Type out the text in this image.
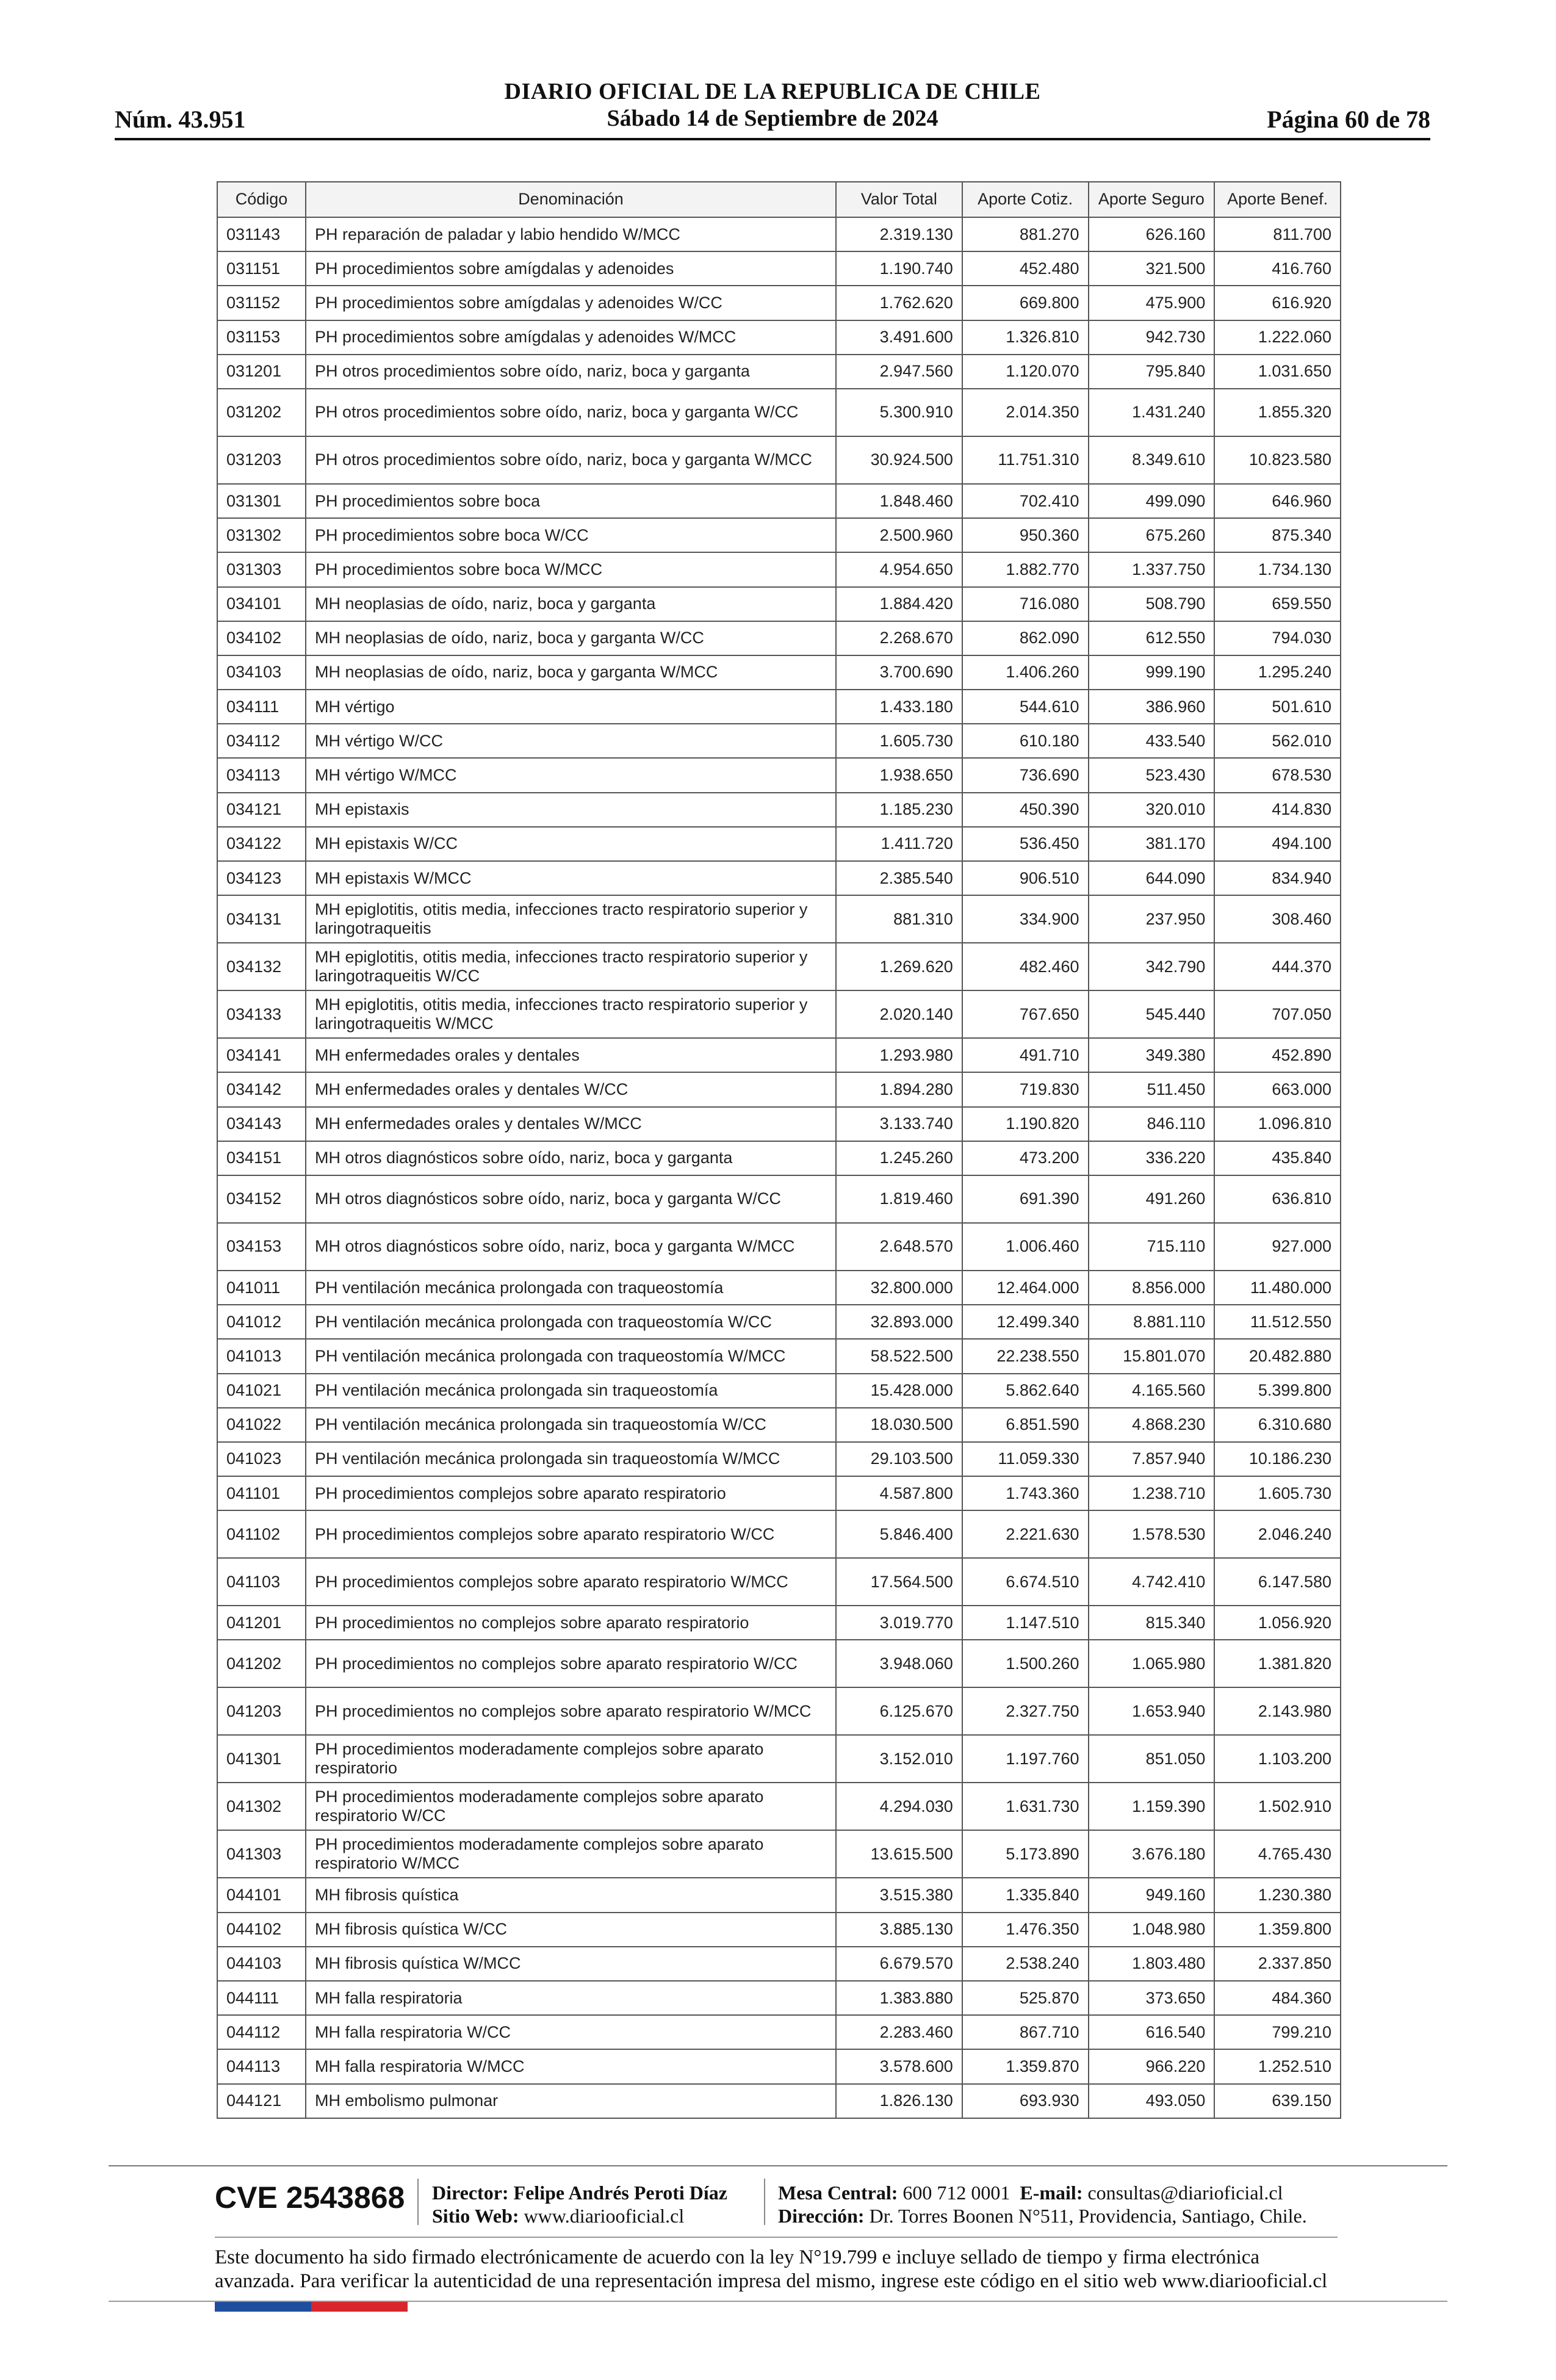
DIARIO OFICIAL DE LA REPUBLICA DE CHILE
Núm. 43.951	Sábado 14 de Septiembre de 2024	Página 60 de 78
Código	Denominación	Valor Total	Aporte Cotiz.	Aporte Seguro	Aporte Benef.
031143	PH reparación de paladar y labio hendido W/MCC	2.319.130	881.270	626.160	811.700
031151	PH procedimientos sobre amígdalas y adenoides	1.190.740	452.480	321.500	416.760
031152	PH procedimientos sobre amígdalas y adenoides W/CC	1.762.620	669.800	475.900	616.920
031153	PH procedimientos sobre amígdalas y adenoides W/MCC	3.491.600	1.326.810	942.730	1.222.060
031201	PH otros procedimientos sobre oído, nariz, boca y garganta	2.947.560	1.120.070	795.840	1.031.650
031202	PH otros procedimientos sobre oído, nariz, boca y garganta W/CC	5.300.910	2.014.350	1.431.240	1.855.320
031203	PH otros procedimientos sobre oído, nariz, boca y garganta W/MCC	30.924.500	11.751.310	8.349.610	10.823.580
031301	PH procedimientos sobre boca	1.848.460	702.410	499.090	646.960
031302	PH procedimientos sobre boca W/CC	2.500.960	950.360	675.260	875.340
031303	PH procedimientos sobre boca W/MCC	4.954.650	1.882.770	1.337.750	1.734.130
034101	MH neoplasias de oído, nariz, boca y garganta	1.884.420	716.080	508.790	659.550
034102	MH neoplasias de oído, nariz, boca y garganta W/CC	2.268.670	862.090	612.550	794.030
034103	MH neoplasias de oído, nariz, boca y garganta W/MCC	3.700.690	1.406.260	999.190	1.295.240
034111	MH vértigo	1.433.180	544.610	386.960	501.610
034112	MH vértigo W/CC	1.605.730	610.180	433.540	562.010
034113	MH vértigo W/MCC	1.938.650	736.690	523.430	678.530
034121	MH epistaxis	1.185.230	450.390	320.010	414.830
034122	MH epistaxis W/CC	1.411.720	536.450	381.170	494.100
034123	MH epistaxis W/MCC	2.385.540	906.510	644.090	834.940
034131	MH epiglotitis, otitis media, infecciones tracto respiratorio superior y laringotraqueitis	881.310	334.900	237.950	308.460
034132	MH epiglotitis, otitis media, infecciones tracto respiratorio superior y laringotraqueitis W/CC	1.269.620	482.460	342.790	444.370
034133	MH epiglotitis, otitis media, infecciones tracto respiratorio superior y laringotraqueitis W/MCC	2.020.140	767.650	545.440	707.050
034141	MH enfermedades orales y dentales	1.293.980	491.710	349.380	452.890
034142	MH enfermedades orales y dentales W/CC	1.894.280	719.830	511.450	663.000
034143	MH enfermedades orales y dentales W/MCC	3.133.740	1.190.820	846.110	1.096.810
034151	MH otros diagnósticos sobre oído, nariz, boca y garganta	1.245.260	473.200	336.220	435.840
034152	MH otros diagnósticos sobre oído, nariz, boca y garganta W/CC	1.819.460	691.390	491.260	636.810
034153	MH otros diagnósticos sobre oído, nariz, boca y garganta W/MCC	2.648.570	1.006.460	715.110	927.000
041011	PH ventilación mecánica prolongada con traqueostomía	32.800.000	12.464.000	8.856.000	11.480.000
041012	PH ventilación mecánica prolongada con traqueostomía W/CC	32.893.000	12.499.340	8.881.110	11.512.550
041013	PH ventilación mecánica prolongada con traqueostomía W/MCC	58.522.500	22.238.550	15.801.070	20.482.880
041021	PH ventilación mecánica prolongada sin traqueostomía	15.428.000	5.862.640	4.165.560	5.399.800
041022	PH ventilación mecánica prolongada sin traqueostomía W/CC	18.030.500	6.851.590	4.868.230	6.310.680
041023	PH ventilación mecánica prolongada sin traqueostomía W/MCC	29.103.500	11.059.330	7.857.940	10.186.230
041101	PH procedimientos complejos sobre aparato respiratorio	4.587.800	1.743.360	1.238.710	1.605.730
041102	PH procedimientos complejos sobre aparato respiratorio W/CC	5.846.400	2.221.630	1.578.530	2.046.240
041103	PH procedimientos complejos sobre aparato respiratorio W/MCC	17.564.500	6.674.510	4.742.410	6.147.580
041201	PH procedimientos no complejos sobre aparato respiratorio	3.019.770	1.147.510	815.340	1.056.920
041202	PH procedimientos no complejos sobre aparato respiratorio W/CC	3.948.060	1.500.260	1.065.980	1.381.820
041203	PH procedimientos no complejos sobre aparato respiratorio W/MCC	6.125.670	2.327.750	1.653.940	2.143.980
041301	PH procedimientos moderadamente complejos sobre aparato respiratorio	3.152.010	1.197.760	851.050	1.103.200
041302	PH procedimientos moderadamente complejos sobre aparato respiratorio W/CC	4.294.030	1.631.730	1.159.390	1.502.910
041303	PH procedimientos moderadamente complejos sobre aparato respiratorio W/MCC	13.615.500	5.173.890	3.676.180	4.765.430
044101	MH fibrosis quística	3.515.380	1.335.840	949.160	1.230.380
044102	MH fibrosis quística W/CC	3.885.130	1.476.350	1.048.980	1.359.800
044103	MH fibrosis quística W/MCC	6.679.570	2.538.240	1.803.480	2.337.850
044111	MH falla respiratoria	1.383.880	525.870	373.650	484.360
044112	MH falla respiratoria W/CC	2.283.460	867.710	616.540	799.210
044113	MH falla respiratoria W/MCC	3.578.600	1.359.870	966.220	1.252.510
044121	MH embolismo pulmonar	1.826.130	693.930	493.050	639.150
CVE 2543868 Director: Felipe Andrés Peroti Díaz
Sitio Web: www.diariooficial.cl
Mesa Central: 600 712 0001 E-mail: consultas@diarioficial.cl
Dirección: Dr. Torres Boonen N°511, Providencia, Santiago, Chile.
Este documento ha sido firmado electrónicamente de acuerdo con la ley N°19.799 e incluye sellado de tiempo y firma electrónica
avanzada. Para verificar la autenticidad de una representación impresa del mismo, ingrese este código en el sitio web www.diariooficial.cl
